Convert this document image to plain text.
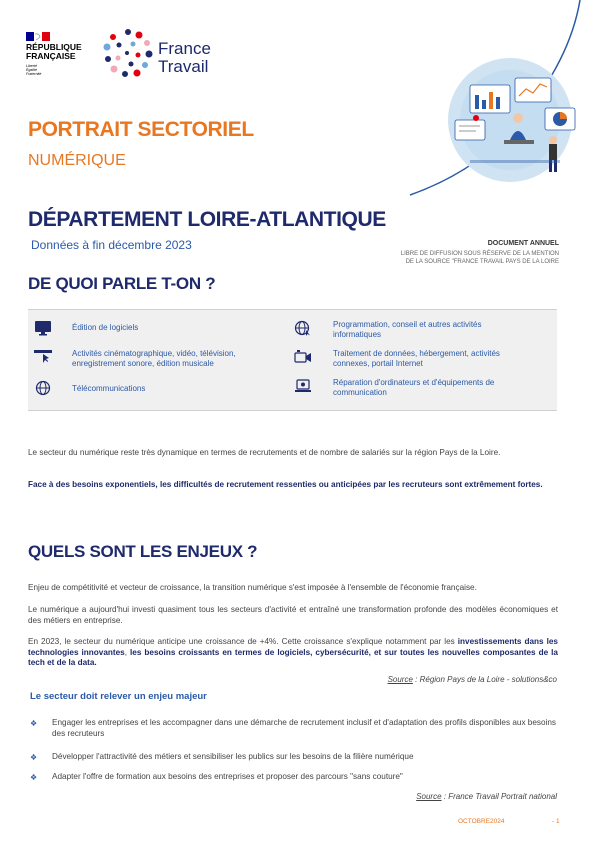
RÉPUBLIQUE
FRANÇAISE
Liberté
Égalité
Fraternité
France
Travail
PORTRAIT SECTORIEL
NUMÉRIQUE
DÉPARTEMENT LOIRE-ATLANTIQUE
Données à fin décembre 2023	DOCUMENT ANNUEL
LIBRE DE DIFFUSION SOUS RÉSERVE DE LA MENTION
DE LA SOURCE "FRANCE TRAVAIL PAYS DE LA LOIRE
DE QUOI PARLE T-ON ?
Édition de logiciels
Activités cinématographique, vidéo, télévision, enregistrement sonore, édition musicale
Télécommunications
Programmation, conseil et autres activités informatiques
Traitement de données, hébergement, activités connexes, portail Internet
Réparation d'ordinateurs et d'équipements de communication
Le secteur du numérique reste très dynamique en termes de recrutements et de nombre de salariés sur la région Pays de la Loire.
Face à des besoins exponentiels, les difficultés de recrutement ressenties ou anticipées par les recruteurs sont extrêmement fortes.
QUELS SONT LES ENJEUX ?
Enjeu de compétitivité et vecteur de croissance, la transition numérique s'est imposée à l'ensemble de l'économie française.
Le numérique a aujourd'hui investi quasiment tous les secteurs d'activité et entraîné une transformation profonde des modèles économiques et des métiers en entreprise.
En 2023, le secteur du numérique anticipe une croissance de +4%. Cette croissance s'explique notamment par les investissements dans les technologies innovantes, les besoins croissants en termes de logiciels, cybersécurité, et sur toutes les nouvelles composantes de la tech et de la data.
Source : Région Pays de la Loire - solutions&co
Le secteur doit relever un enjeu majeur
❖ Engager les entreprises et les accompagner dans une démarche de recrutement inclusif et d'adaptation des profils disponibles aux besoins des recruteurs
❖ Développer l'attractivité des métiers et sensibiliser les publics sur les besoins de la filière numérique
❖ Adapter l'offre de formation aux besoins des entreprises et proposer des parcours "sans couture"
Source : France Travail Portrait national
OCTOBRE2024	- 1
